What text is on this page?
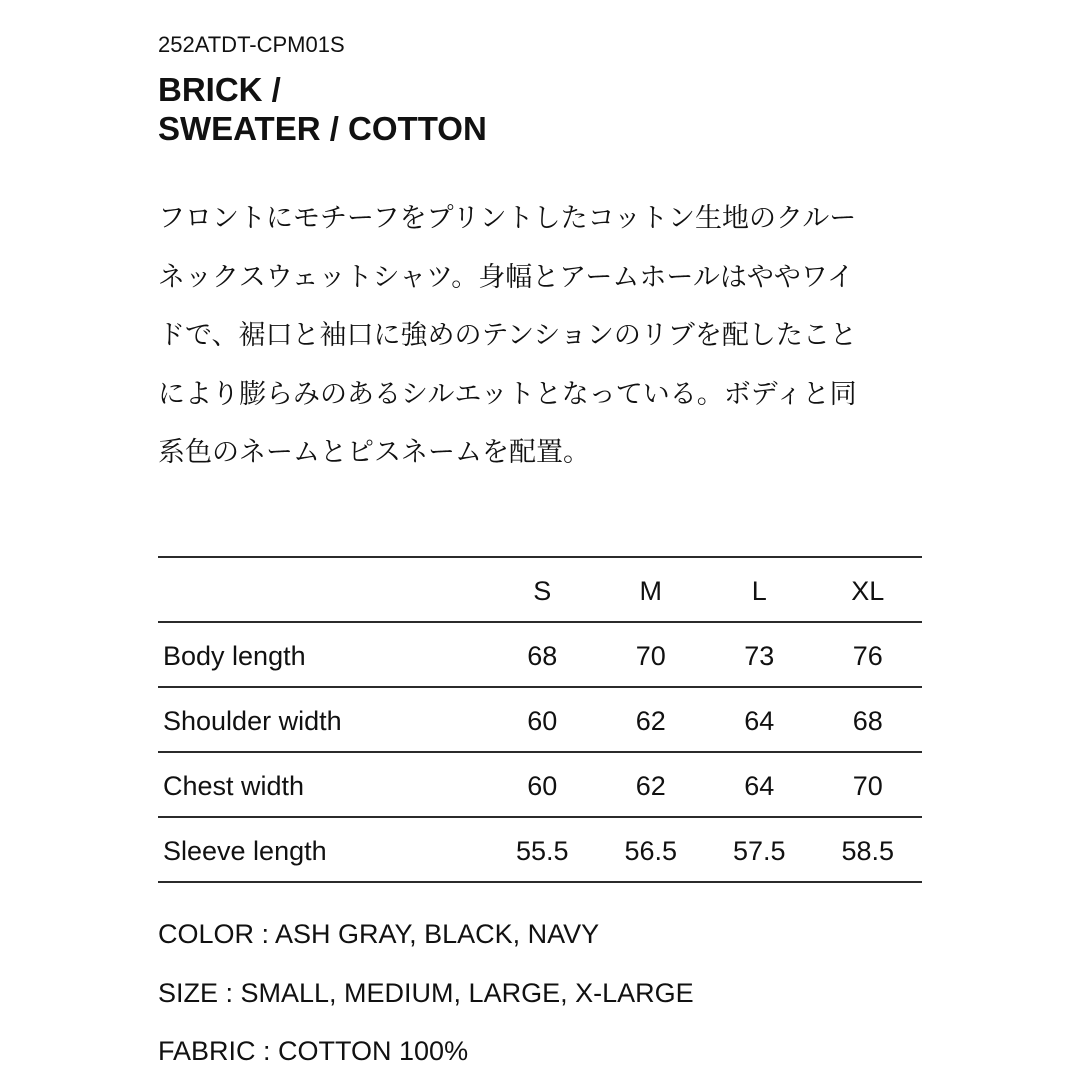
252ATDT-CPM01S
BRICK /
SWEATER / COTTON

フロントにモチーフをプリントしたコットン生地のクルー
ネックスウェットシャツ。身幅とアームホールはややワイ
ドで、裾口と袖口に強めのテンションのリブを配したこと
により膨らみのあるシルエットとなっている。ボディと同
系色のネームとピスネームを配置。

	S	M	L	XL
Body length	68	70	73	76
Shoulder width	60	62	64	68
Chest width	60	62	64	70
Sleeve length	55.5	56.5	57.5	58.5
COLOR : ASH GRAY, BLACK, NAVY
SIZE : SMALL, MEDIUM, LARGE, X-LARGE
FABRIC : COTTON 100%
